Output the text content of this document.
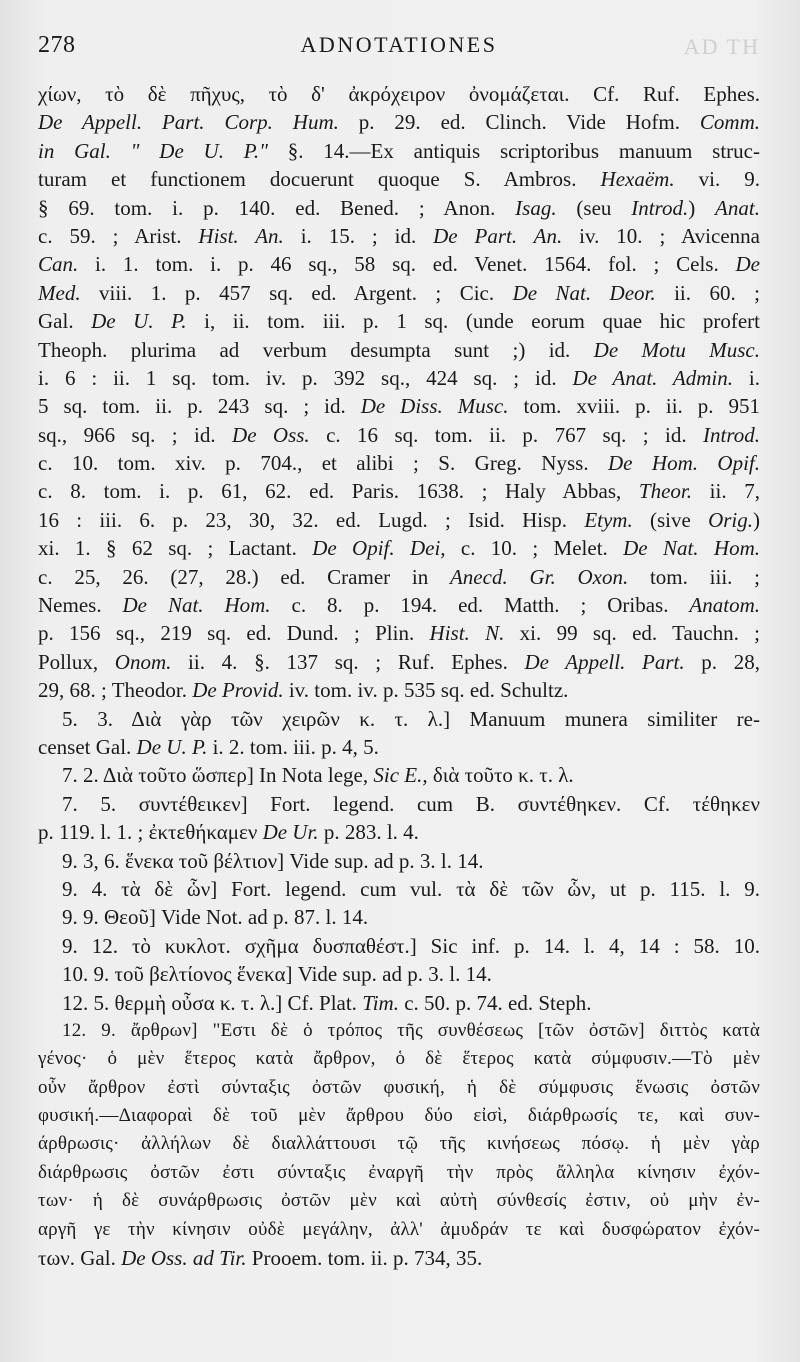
AD TH
278	ADNOTATIONES
χίων, τὸ δὲ πῆχυς, τὸ δ' ἀκρόχειρον ὀνομάζεται. Cf. Ruf. Ephes.
De Appell. Part. Corp. Hum. p. 29. ed. Clinch. Vide Hofm. Comm.
in Gal. " De U. P." §. 14.—Ex antiquis scriptoribus manuum struc-
turam et functionem docuerunt quoque S. Ambros. Hexaëm. vi. 9.
§ 69. tom. i. p. 140. ed. Bened. ; Anon. Isag. (seu Introd.) Anat.
c. 59. ; Arist. Hist. An. i. 15. ; id. De Part. An. iv. 10. ; Avicenna
Can. i. 1. tom. i. p. 46 sq., 58 sq. ed. Venet. 1564. fol. ; Cels. De
Med. viii. 1. p. 457 sq. ed. Argent. ; Cic. De Nat. Deor. ii. 60. ;
Gal. De U. P. i, ii. tom. iii. p. 1 sq. (unde eorum quae hic profert
Theoph. plurima ad verbum desumpta sunt ;) id. De Motu Musc.
i. 6 : ii. 1 sq. tom. iv. p. 392 sq., 424 sq. ; id. De Anat. Admin. i.
5 sq. tom. ii. p. 243 sq. ; id. De Diss. Musc. tom. xviii. p. ii. p. 951
sq., 966 sq. ; id. De Oss. c. 16 sq. tom. ii. p. 767 sq. ; id. Introd.
c. 10. tom. xiv. p. 704., et alibi ; S. Greg. Nyss. De Hom. Opif.
c. 8. tom. i. p. 61, 62. ed. Paris. 1638. ; Haly Abbas, Theor. ii. 7,
16 : iii. 6. p. 23, 30, 32. ed. Lugd. ; Isid. Hisp. Etym. (sive Orig.)
xi. 1. § 62 sq. ; Lactant. De Opif. Dei, c. 10. ; Melet. De Nat. Hom.
c. 25, 26. (27, 28.) ed. Cramer in Anecd. Gr. Oxon. tom. iii. ;
Nemes. De Nat. Hom. c. 8. p. 194. ed. Matth. ; Oribas. Anatom.
p. 156 sq., 219 sq. ed. Dund. ; Plin. Hist. N. xi. 99 sq. ed. Tauchn. ;
Pollux, Onom. ii. 4. §. 137 sq. ; Ruf. Ephes. De Appell. Part. p. 28,
29, 68. ; Theodor. De Provid. iv. tom. iv. p. 535 sq. ed. Schultz.
5. 3. Διὰ γὰρ τῶν χειρῶν κ. τ. λ.] Manuum munera similiter re-
censet Gal. De U. P. i. 2. tom. iii. p. 4, 5.
7. 2. Διὰ τοῦτο ὥσπερ] In Nota lege, Sic E., διὰ τοῦτο κ. τ. λ.
7. 5. συντέθεικεν] Fort. legend. cum B. συντέθηκεν. Cf. τέθηκεν
p. 119. l. 1. ; ἐκτεθήκαμεν De Ur. p. 283. l. 4.
9. 3, 6. ἕνεκα τοῦ βέλτιον] Vide sup. ad p. 3. l. 14.
9. 4. τὰ δὲ ὧν] Fort. legend. cum vul. τὰ δὲ τῶν ὧν, ut p. 115. l. 9.
9. 9. Θεοῦ] Vide Not. ad p. 87. l. 14.
9. 12. τὸ κυκλοτ. σχῆμα δυσπαθέστ.] Sic inf. p. 14. l. 4, 14 : 58. 10.
10. 9. τοῦ βελτίονος ἕνεκα] Vide sup. ad p. 3. l. 14.
12. 5. θερμὴ οὖσα κ. τ. λ.] Cf. Plat. Tim. c. 50. p. 74. ed. Steph.
12. 9. ἄρθρων] "Εστι δὲ ὁ τρόπος τῆς συνθέσεως [τῶν ὀστῶν] διττὸς κατὰ
γένος· ὁ μὲν ἕτερος κατὰ ἄρθρον, ὁ δὲ ἕτερος κατὰ σύμφυσιν.—Τὸ μὲν
οὖν ἄρθρον ἐστὶ σύνταξις ὀστῶν φυσική, ἡ δὲ σύμφυσις ἕνωσις ὀστῶν
φυσική.—Διαφοραὶ δὲ τοῦ μὲν ἄρθρου δύο εἰσὶ, διάρθρωσίς τε, καὶ συν-
άρθρωσις· ἀλλήλων δὲ διαλλάττουσι τῷ τῆς κινήσεως πόσῳ. ἡ μὲν γὰρ
διάρθρωσις ὀστῶν ἐστι σύνταξις ἐναργῆ τὴν πρὸς ἄλληλα κίνησιν ἐχόν-
των· ἡ δὲ συνάρθρωσις ὀστῶν μὲν καὶ αὐτὴ σύνθεσίς ἐστιν, οὐ μὴν ἐν-
αργῆ γε τὴν κίνησιν οὐδὲ μεγάλην, ἀλλ' ἀμυδράν τε καὶ δυσφώρατον ἐχόν-
των. Gal. De Oss. ad Tir. Prooem. tom. ii. p. 734, 35.
